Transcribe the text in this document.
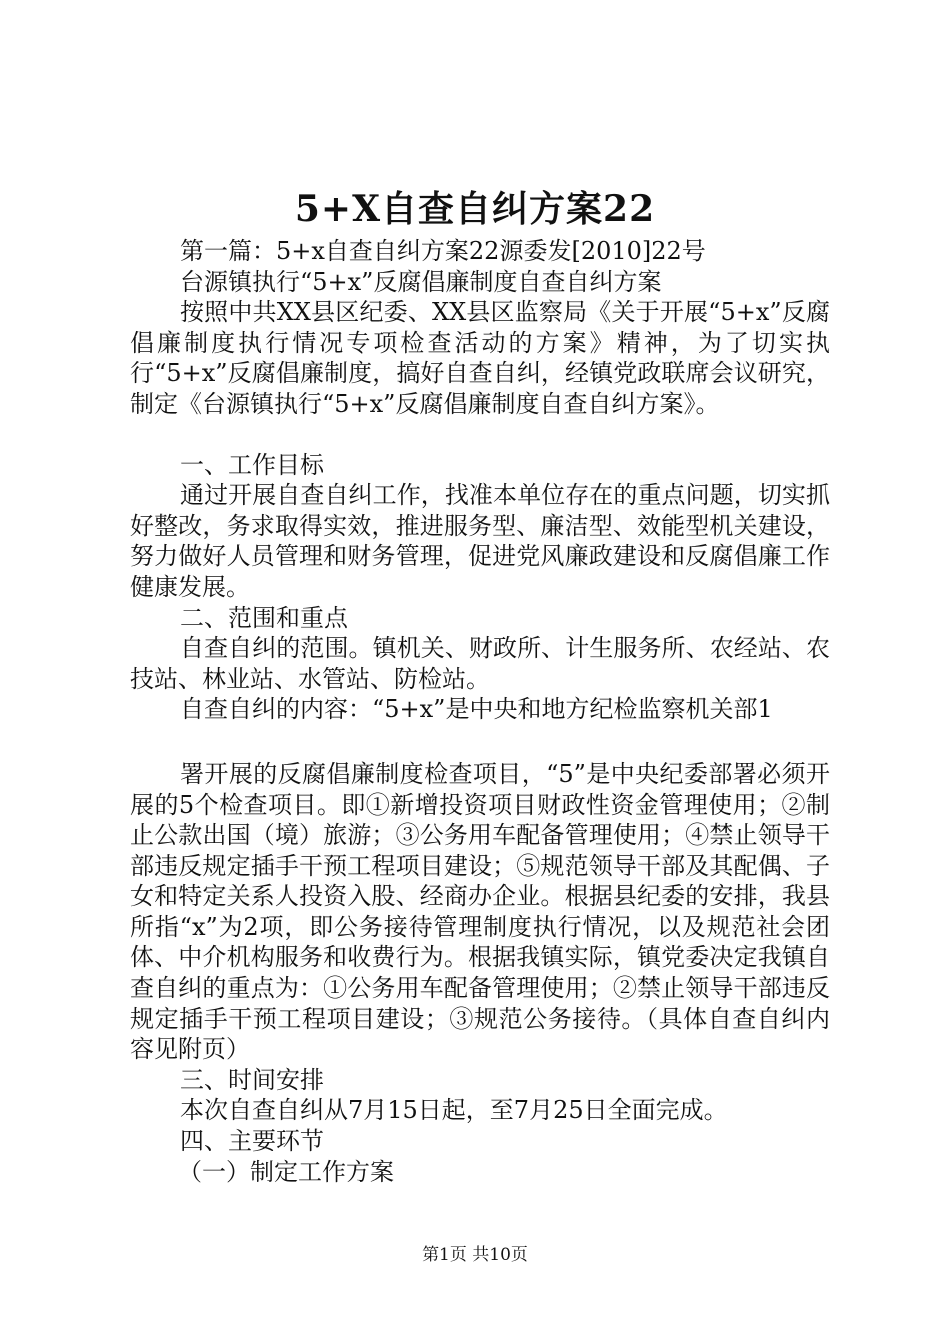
5+X自查自纠方案22

第一篇：5+x自查自纠方案22源委发[2010]22号

台源镇执行“5+x”反腐倡廉制度自查自纠方案

按照中共XX县区纪委、XX县区监察局《关于开展“5+x”反腐倡廉制度执行情况专项检查活动的方案》精神，为了切实执行“5+x”反腐倡廉制度，搞好自查自纠，经镇党政联席会议研究，制定《台源镇执行“5+x”反腐倡廉制度自查自纠方案》。

一、工作目标

通过开展自查自纠工作，找准本单位存在的重点问题，切实抓好整改，务求取得实效，推进服务型、廉洁型、效能型机关建设，努力做好人员管理和财务管理，促进党风廉政建设和反腐倡廉工作健康发展。

二、范围和重点

自查自纠的范围。镇机关、财政所、计生服务所、农经站、农技站、林业站、水管站、防检站。

自查自纠的内容：“5+x”是中央和地方纪检监察机关部1

署开展的反腐倡廉制度检查项目，“5”是中央纪委部署必须开展的5个检查项目。即①新增投资项目财政性资金管理使用；②制止公款出国（境）旅游；③公务用车配备管理使用；④禁止领导干部违反规定插手干预工程项目建设；⑤规范领导干部及其配偶、子女和特定关系人投资入股、经商办企业。根据县纪委的安排，我县所指“x”为2项，即公务接待管理制度执行情况，以及规范社会团体、中介机构服务和收费行为。根据我镇实际，镇党委决定我镇自查自纠的重点为：①公务用车配备管理使用；②禁止领导干部违反规定插手干预工程项目建设；③规范公务接待。（具体自查自纠内容见附页）

三、时间安排

本次自查自纠从7月15日起，至7月25日全面完成。

四、主要环节

（一）制定工作方案

第1页 共10页
